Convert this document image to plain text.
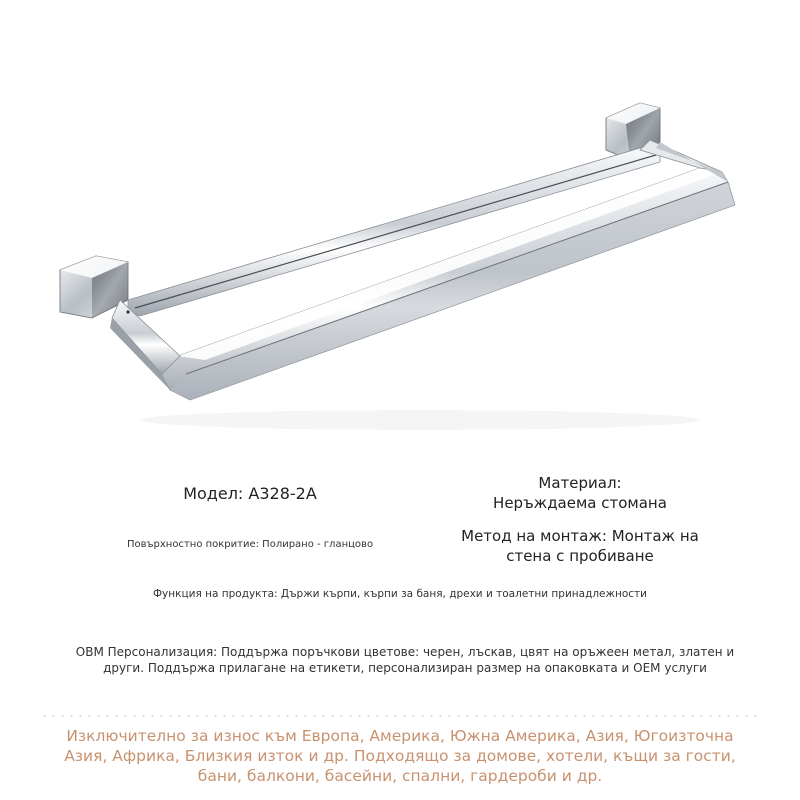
Модел: A328-2A
Материал:
Неръждаема стомана
Повърхностно покритие: Полирано - гланцово	Метод на монтаж: Монтаж на стена с пробиване
Функция на продукта: Държи кърпи, кърпи за баня, дрехи и тоалетни принадлежности
OBM Персонализация: Поддържа поръчкови цветове: черен, лъскав, цвят на оръжеен метал, златен и други. Поддържа прилагане на етикети, персонализиран размер на опаковката и OEM услуги
Изключително за износ към Европа, Америка, Южна Америка, Азия, Югоизточна Азия, Африка, Близкия изток и др. Подходящо за домове, хотели, къщи за гости, бани, балкони, басейни, спални, гардероби и др.
